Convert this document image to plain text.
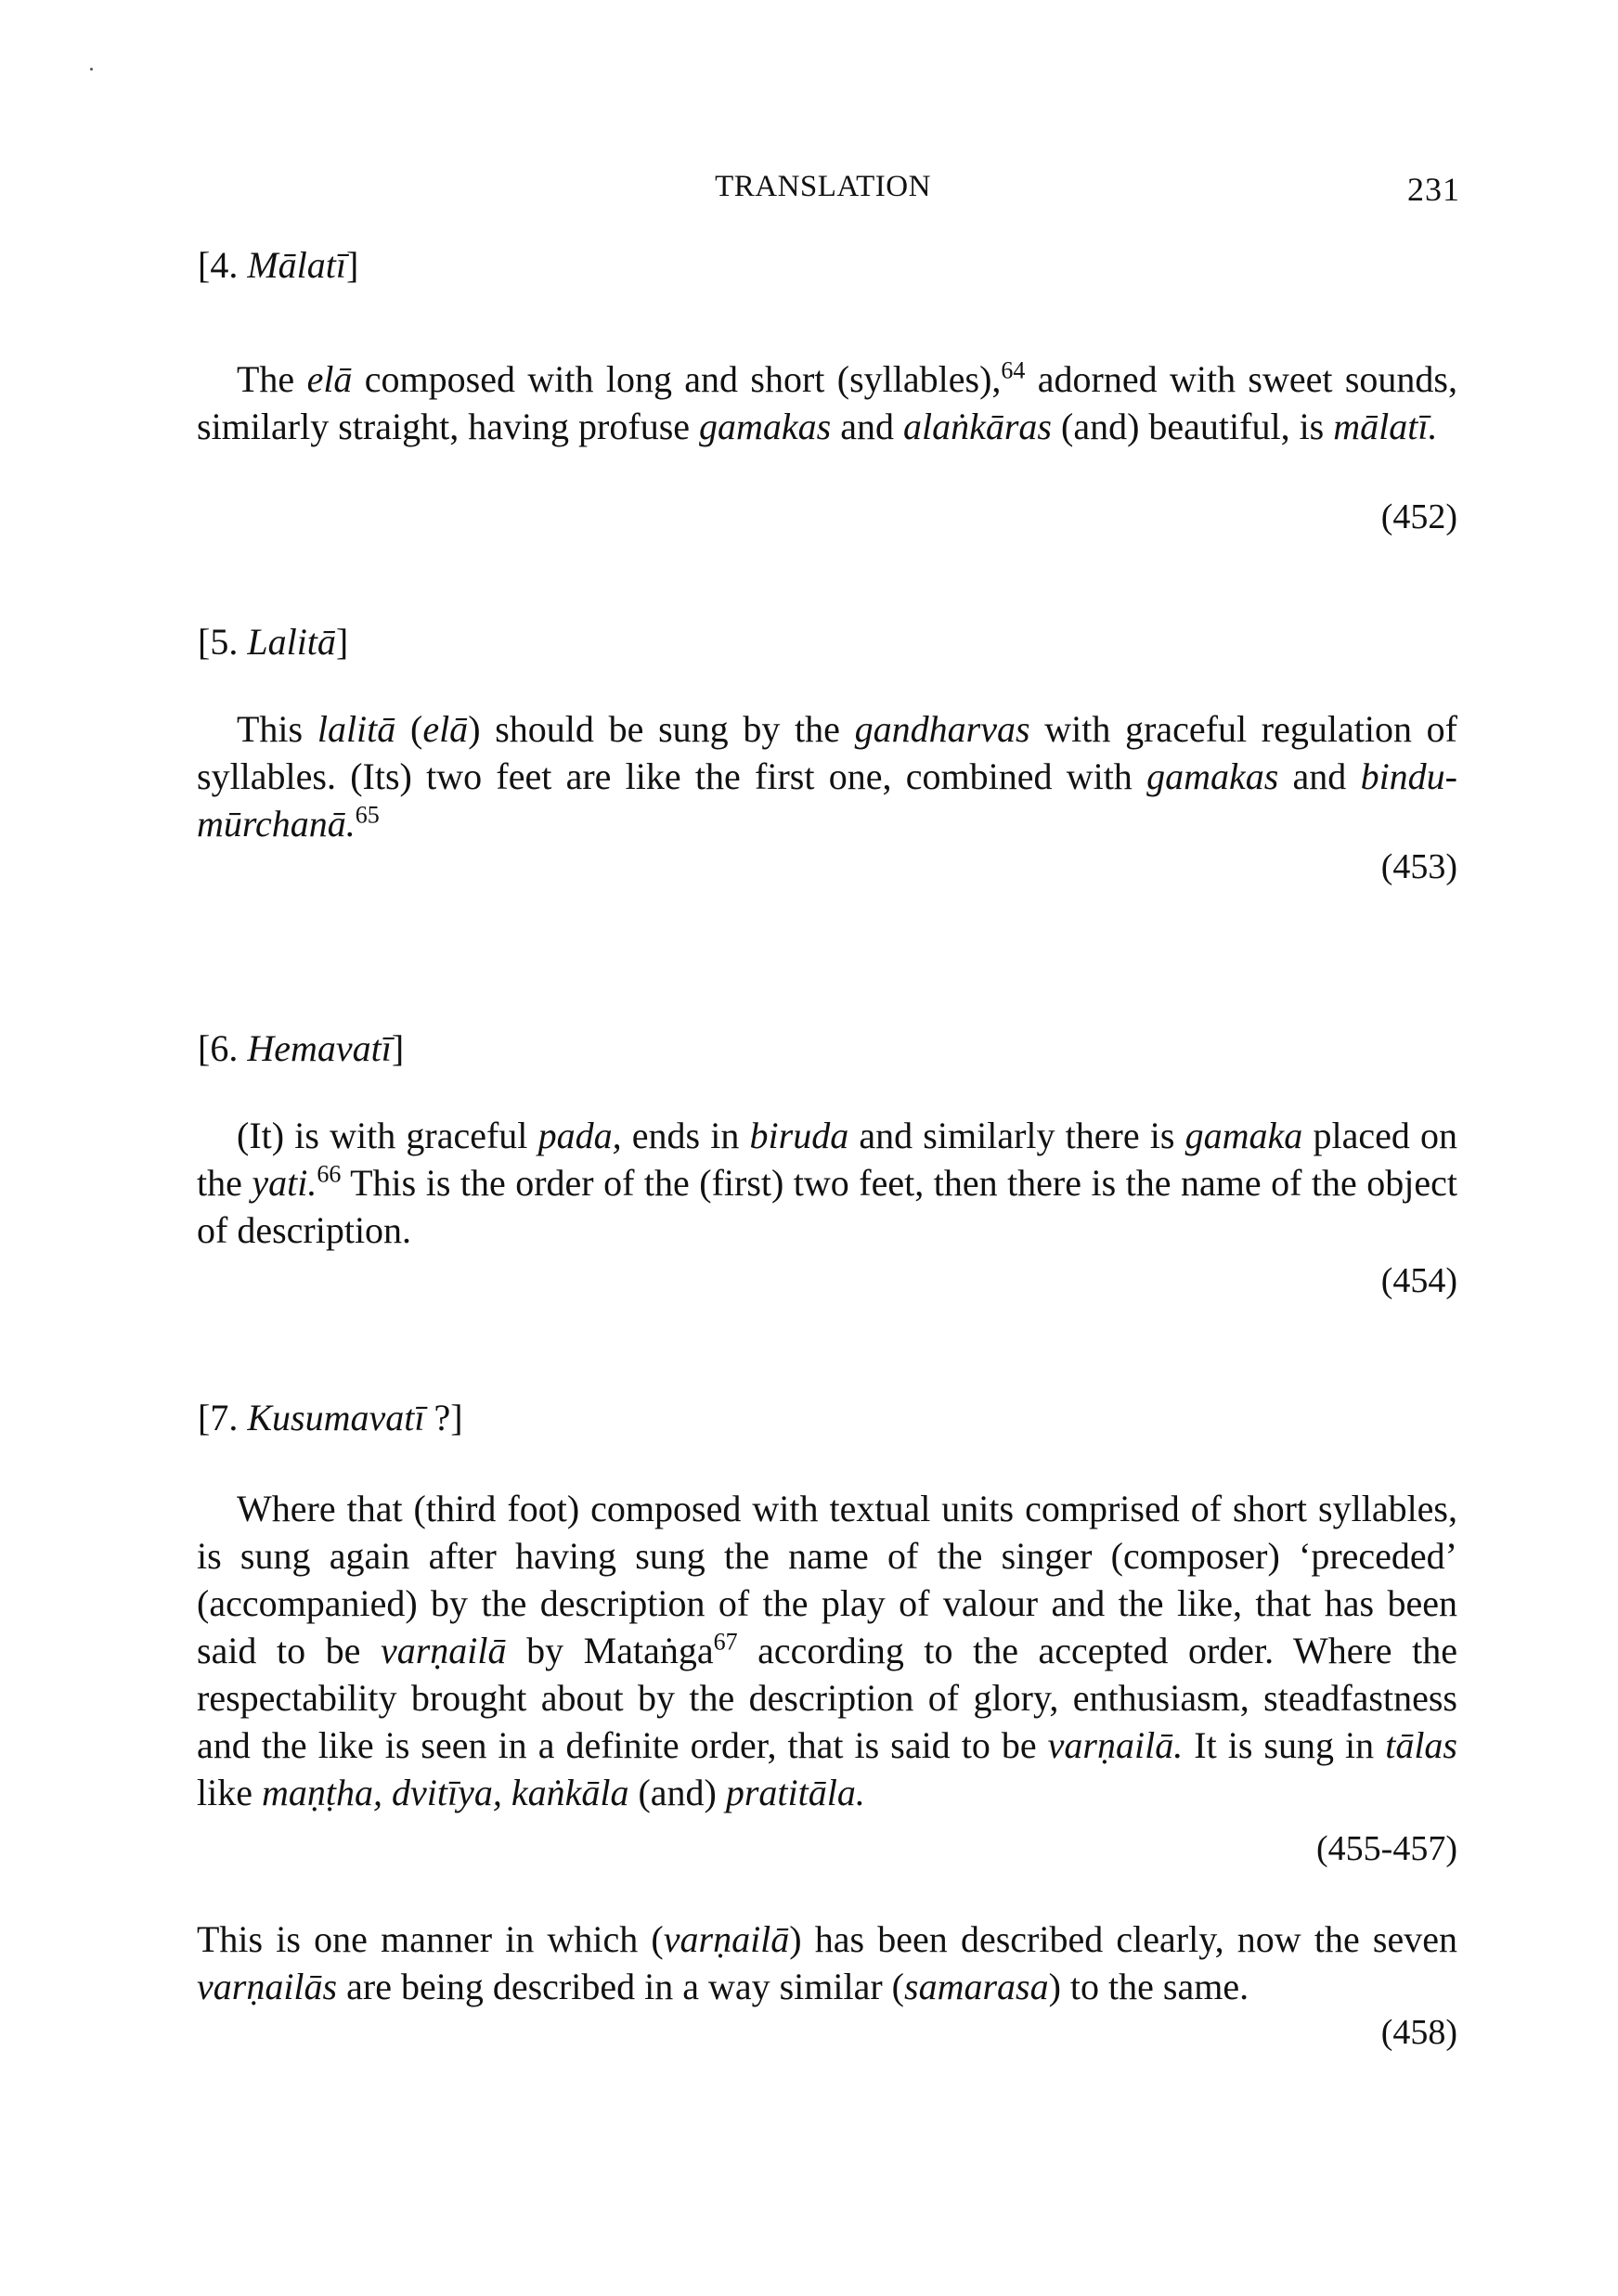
TRANSLATION	231
[4. Mālatī]
The elā composed with long and short (syllables),$^{64}$ adorned with sweet sounds, similarly straight, having profuse gamakas and alaṅkāras (and) beautiful, is mālatī.
(452)
[5. Lalitā]
This lalitā (elā) should be sung by the gandharvas with graceful regulation of syllables. (Its) two feet are like the first one, combined with gamakas and bindu-mūrchanā.$^{65}$
(453)
[6. Hemavatī]
(It) is with graceful pada, ends in biruda and similarly there is gamaka placed on the yati.$^{66}$ This is the order of the (first) two feet, then there is the name of the object of description.
(454)
[7. Kusumavatī ?]
Where that (third foot) composed with textual units comprised of short syllables, is sung again after having sung the name of the singer (composer) ‘preceded’ (accompanied) by the description of the play of valour and the like, that has been said to be varṇailā by Mataṅga$^{67}$ according to the accepted order. Where the respectability brought about by the description of glory, enthusiasm, steadfastness and the like is seen in a definite order, that is said to be varṇailā. It is sung in tālas like maṇṭha, dvitīya, kaṅkāla (and) pratitāla.
(455-457)
This is one manner in which (varṇailā) has been described clearly, now the seven varṇailās are being described in a way similar (samarasa) to the same.
(458)
